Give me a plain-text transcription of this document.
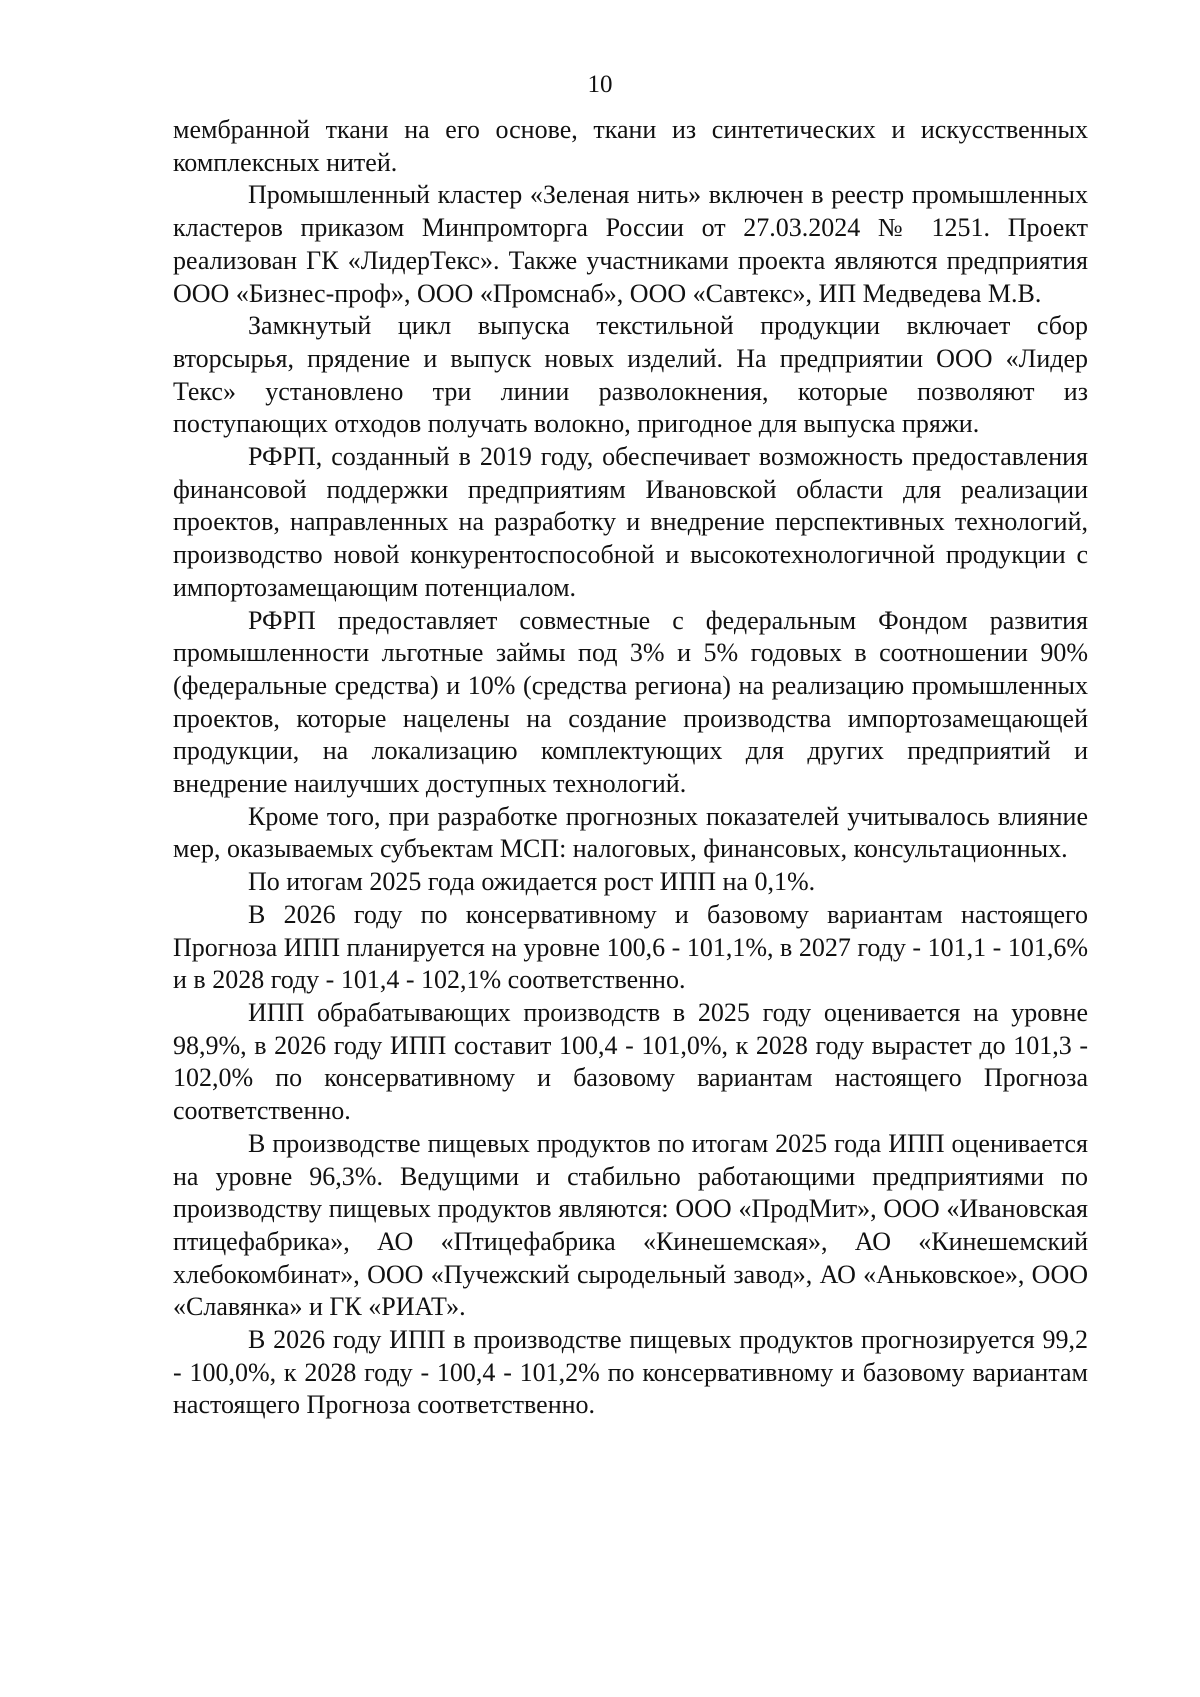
10

мембранной ткани на его основе, ткани из синтетических и искусственных комплексных нитей.

Промышленный кластер «Зеленая нить» включен в реестр промышленных кластеров приказом Минпромторга России от 27.03.2024 № 1251. Проект реализован ГК «ЛидерТекс». Также участниками проекта являются предприятия ООО «Бизнес-проф», ООО «Промснаб», ООО «Савтекс», ИП Медведева М.В.

Замкнутый цикл выпуска текстильной продукции включает сбор вторсырья, прядение и выпуск новых изделий. На предприятии ООО «Лидер Текс» установлено три линии разволокнения, которые позволяют из поступающих отходов получать волокно, пригодное для выпуска пряжи.

РФРП, созданный в 2019 году, обеспечивает возможность предоставления финансовой поддержки предприятиям Ивановской области для реализации проектов, направленных на разработку и внедрение перспективных технологий, производство новой конкурентоспособной и высокотехнологичной продукции с импортозамещающим потенциалом.

РФРП предоставляет совместные с федеральным Фондом развития промышленности льготные займы под 3% и 5% годовых в соотношении 90% (федеральные средства) и 10% (средства региона) на реализацию промышленных проектов, которые нацелены на создание производства импортозамещающей продукции, на локализацию комплектующих для других предприятий и внедрение наилучших доступных технологий.

Кроме того, при разработке прогнозных показателей учитывалось влияние мер, оказываемых субъектам МСП: налоговых, финансовых, консультационных.

По итогам 2025 года ожидается рост ИПП на 0,1%.

В 2026 году по консервативному и базовому вариантам настоящего Прогноза ИПП планируется на уровне 100,6 - 101,1%, в 2027 году - 101,1 - 101,6% и в 2028 году - 101,4 - 102,1% соответственно.

ИПП обрабатывающих производств в 2025 году оценивается на уровне 98,9%, в 2026 году ИПП составит 100,4 - 101,0%, к 2028 году вырастет до 101,3 - 102,0% по консервативному и базовому вариантам настоящего Прогноза соответственно.

В производстве пищевых продуктов по итогам 2025 года ИПП оценивается на уровне 96,3%. Ведущими и стабильно работающими предприятиями по производству пищевых продуктов являются: ООО «ПродМит», ООО «Ивановская птицефабрика», АО «Птицефабрика «Кинешемская», АО «Кинешемский хлебокомбинат», ООО «Пучежский сыродельный завод», АО «Аньковское», ООО «Славянка» и ГК «РИАТ».

В 2026 году ИПП в производстве пищевых продуктов прогнозируется 99,2 - 100,0%, к 2028 году - 100,4 - 101,2% по консервативному и базовому вариантам настоящего Прогноза соответственно.
